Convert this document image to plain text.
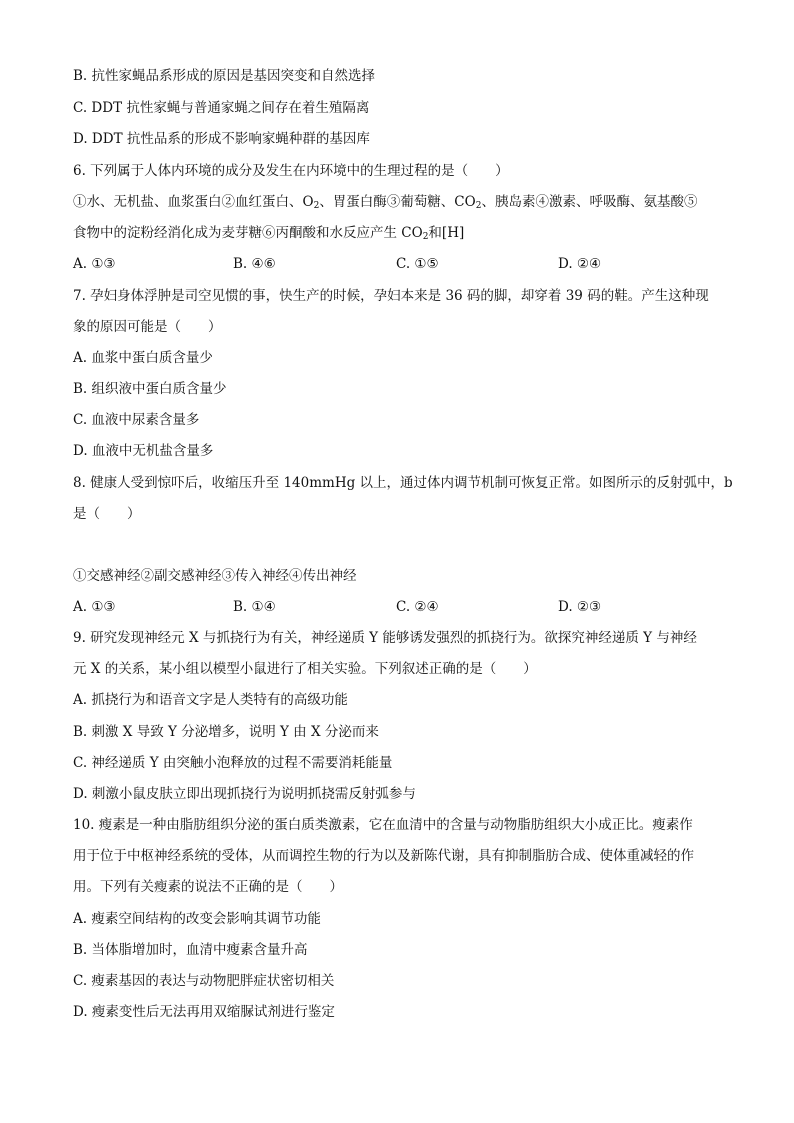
B. 抗性家蝇品系形成的原因是基因突变和自然选择
C. DDT 抗性家蝇与普通家蝇之间存在着生殖隔离
D. DDT 抗性品系的形成不影响家蝇种群的基因库
6. 下列属于人体内环境的成分及发生在内环境中的生理过程的是（　　）
①水、无机盐、血浆蛋白②血红蛋白、$O_2$、胃蛋白酶③葡萄糖、$CO_2$、胰岛素④激素、呼吸酶、氨基酸⑤
食物中的淀粉经消化成为麦芽糖⑥丙酮酸和水反应产生 $CO_2$和[H]
A. ①③	B. ④⑥	C. ①⑤	D. ②④
7. 孕妇身体浮肿是司空见惯的事，快生产的时候，孕妇本来是 36 码的脚，却穿着 39 码的鞋。产生这种现
象的原因可能是（　　）
A. 血浆中蛋白质含量少
B. 组织液中蛋白质含量少
C. 血液中尿素含量多
D. 血液中无机盐含量多
8. 健康人受到惊吓后，收缩压升至 140mmHg 以上，通过体内调节机制可恢复正常。如图所示的反射弧中，b
是（　　）
①交感神经②副交感神经③传入神经④传出神经
A. ①③	B. ①④	C. ②④	D. ②③
9. 研究发现神经元 X 与抓挠行为有关，神经递质 Y 能够诱发强烈的抓挠行为。欲探究神经递质 Y 与神经
元 X 的关系，某小组以模型小鼠进行了相关实验。下列叙述正确的是（　　）
A. 抓挠行为和语音文字是人类特有的高级功能
B. 刺激 X 导致 Y 分泌增多，说明 Y 由 X 分泌而来
C. 神经递质 Y 由突触小泡释放的过程不需要消耗能量
D. 刺激小鼠皮肤立即出现抓挠行为说明抓挠需反射弧参与
10. 瘦素是一种由脂肪组织分泌的蛋白质类激素，它在血清中的含量与动物脂肪组织大小成正比。瘦素作
用于位于中枢神经系统的受体，从而调控生物的行为以及新陈代谢，具有抑制脂肪合成、使体重减轻的作
用。下列有关瘦素的说法不正确的是（　　）
A. 瘦素空间结构的改变会影响其调节功能
B. 当体脂增加时，血清中瘦素含量升高
C. 瘦素基因的表达与动物肥胖症状密切相关
D. 瘦素变性后无法再用双缩脲试剂进行鉴定
